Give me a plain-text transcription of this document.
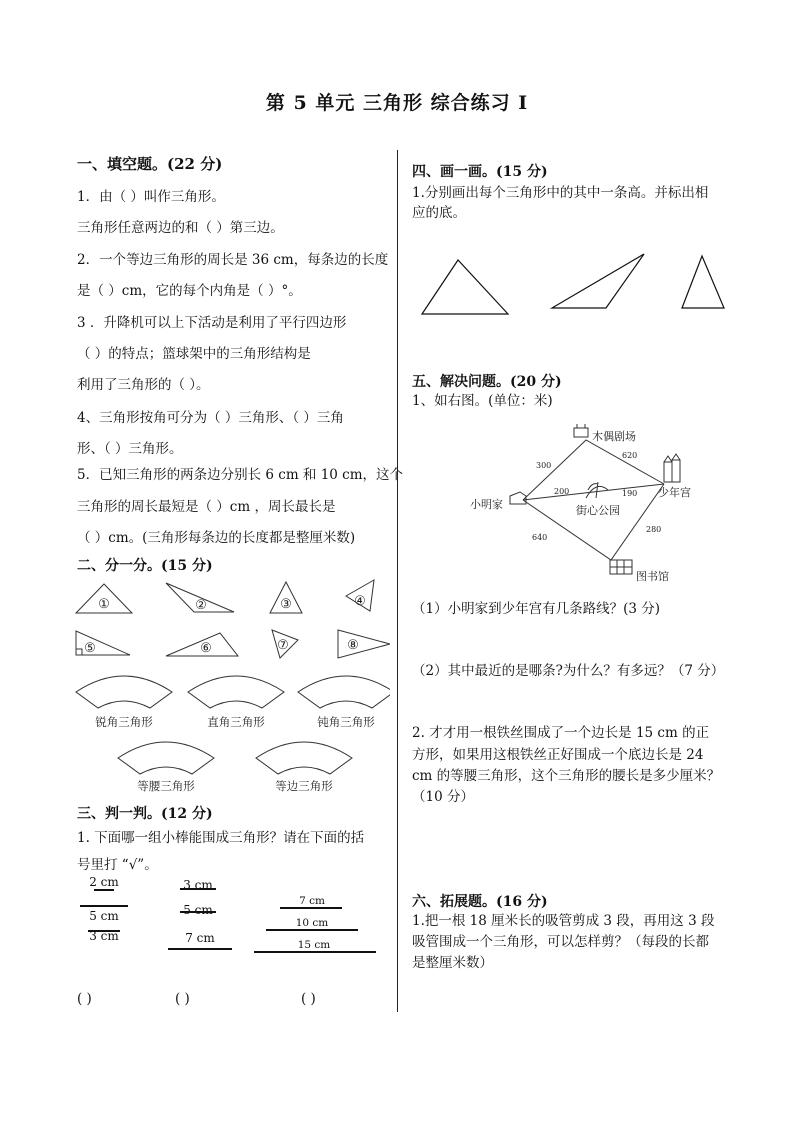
第 5 单元 三角形 综合练习 I
一、填空题。(22 分)
1．由（ ）叫作三角形。
三角形任意两边的和（ ）第三边。
2．一个等边三角形的周长是 36 cm，每条边的长度
是（ ）cm，它的每个内角是（ ）°。
3 ．升降机可以上下活动是利用了平行四边形
（ ）的特点；篮球架中的三角形结构是
利用了三角形的（ ）。
4、三角形按角可分为（ ）三角形、（ ）三角
形、（ ）三角形。
5．已知三角形的两条边分别长 6 cm 和 10 cm，这个
三角形的周长最短是（ ）cm ，周长最长是
（ ）cm。(三角形每条边的长度都是整厘米数)
二、分一分。(15 分)
①	②	③	④
⑤	⑥	⑦	⑧
锐角三角形	直角三角形	钝角三角形
等腰三角形	等边三角形
三、判一判。(12 分)
1. 下面哪一组小棒能围成三角形？请在下面的括
号里打 “√”。
2 cm
5 cm
3 cm
3 cm
5 cm
7 cm
7 cm
10 cm
15 cm
( )	( )	( )
四、画一画。(15 分)
1.分别画出每个三角形中的其中一条高。并标出相
应的底。
五、解决问题。(20 分)
1、如右图。(单位：米)
木偶剧场
少年宫
小明家	街心公园
图书馆
300
620
200	190
640
280
（1）小明家到少年宫有几条路线？(3 分)
（2）其中最近的是哪条?为什么？有多远？（7 分）
2. 才才用一根铁丝围成了一个边长是 15 cm 的正
方形，如果用这根铁丝正好围成一个底边长是 24
cm 的等腰三角形，这个三角形的腰长是多少厘米？
（10 分）
六、拓展题。(16 分)
1.把一根 18 厘米长的吸管剪成 3 段，再用这 3 段
吸管围成一个三角形，可以怎样剪？（每段的长都
是整厘米数）
